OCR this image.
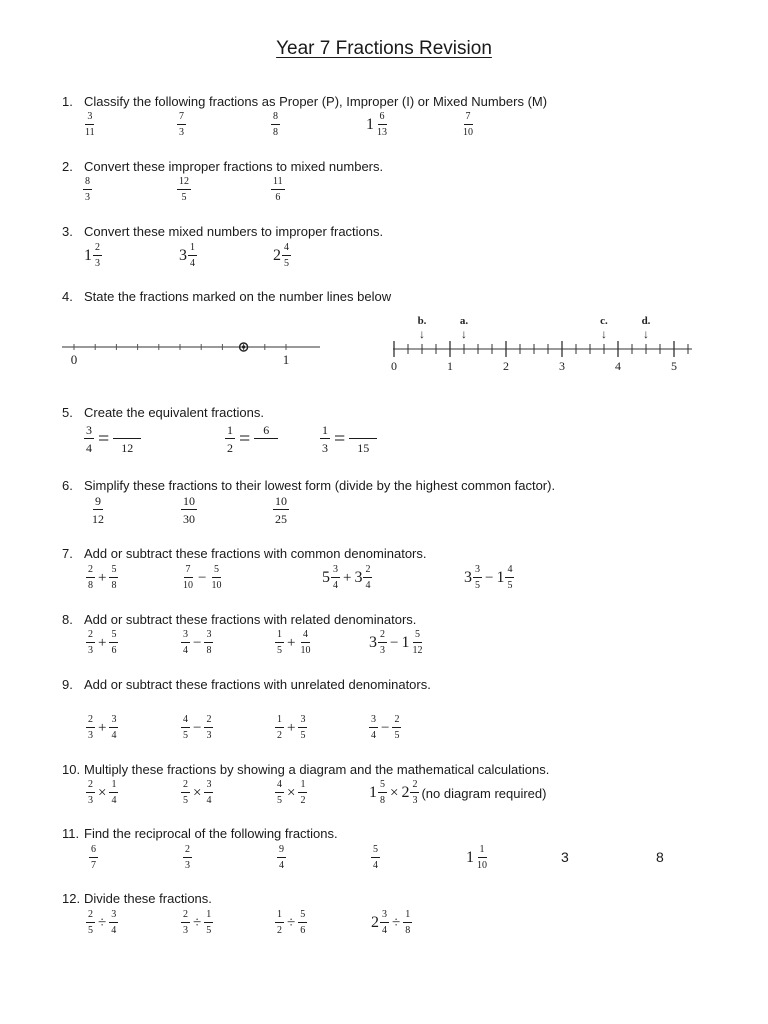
Year 7 Fractions Revision
1. Classify the following fractions as Proper (P), Improper (I) or Mixed Numbers (M)
2. Convert these improper fractions to mixed numbers.
3. Convert these mixed numbers to improper fractions.
4. State the fractions marked on the number lines below
5. Create the equivalent fractions.
6. Simplify these fractions to their lowest form (divide by the highest common factor).
7. Add or subtract these fractions with common denominators.
8. Add or subtract these fractions with related denominators.
9. Add or subtract these fractions with unrelated denominators.
10. Multiply these fractions by showing a diagram and the mathematical calculations.
11. Find the reciprocal of the following fractions.
12. Divide these fractions.
$\frac{3}{11}$	$\frac{7}{3}$	$\frac{8}{8}$	$1 \frac{6}{13}$	$\frac{7}{10}$
$\frac{8}{3}$	$\frac{12}{5}$	$\frac{11}{6}$
$1 \frac{2}{3}$	$3 \frac{1}{4}$	$2 \frac{4}{5}$
0	1	0	1	2	3	4	5
b.
↓
a.
↓
c.
↓
d.
↓
$\frac{3}{4} = 12$	$\frac{1}{2}$ =	6	$\frac{1}{3} = 15$
$\frac{9}{12}$	$\frac{10}{30}$	$\frac{10}{25}$
$\frac{2}{8} + \frac{5}{8}$	$\frac{7}{10} - \frac{5}{10}$	$5 \frac{3}{4} + 3 \frac{2}{4}$	$3 \frac{3}{5} - 1 \frac{4}{5}$
$\frac{2}{3} + \frac{5}{6}$	$\frac{3}{4} - \frac{3}{8}$	$\frac{1}{5} + \frac{4}{10}$	$3 \frac{2}{3} - 1 \frac{5}{12}$
$\frac{2}{3} + \frac{3}{4}$	$\frac{4}{5} - \frac{2}{3}$	$\frac{1}{2} + \frac{3}{5}$	$\frac{3}{4} - \frac{2}{5}$
$\frac{2}{3} \times \frac{1}{4}$	$\frac{2}{5} \times \frac{3}{4}$	$\frac{4}{5} \times \frac{1}{2}$	$1 \frac{5}{8} \times 2 \frac{2}{3} (no$ diagram required)
$\frac{6}{7}$	$\frac{2}{3}$	$\frac{9}{4}$	$\frac{5}{4}$	$1 \frac{1}{10}$	3	8
$\frac{2}{5} \div \frac{3}{4}$	$\frac{2}{3} \div \frac{1}{5}$	$\frac{1}{2} \div \frac{5}{6}$	$2 \frac{3}{4} \div \frac{1}{8}$
